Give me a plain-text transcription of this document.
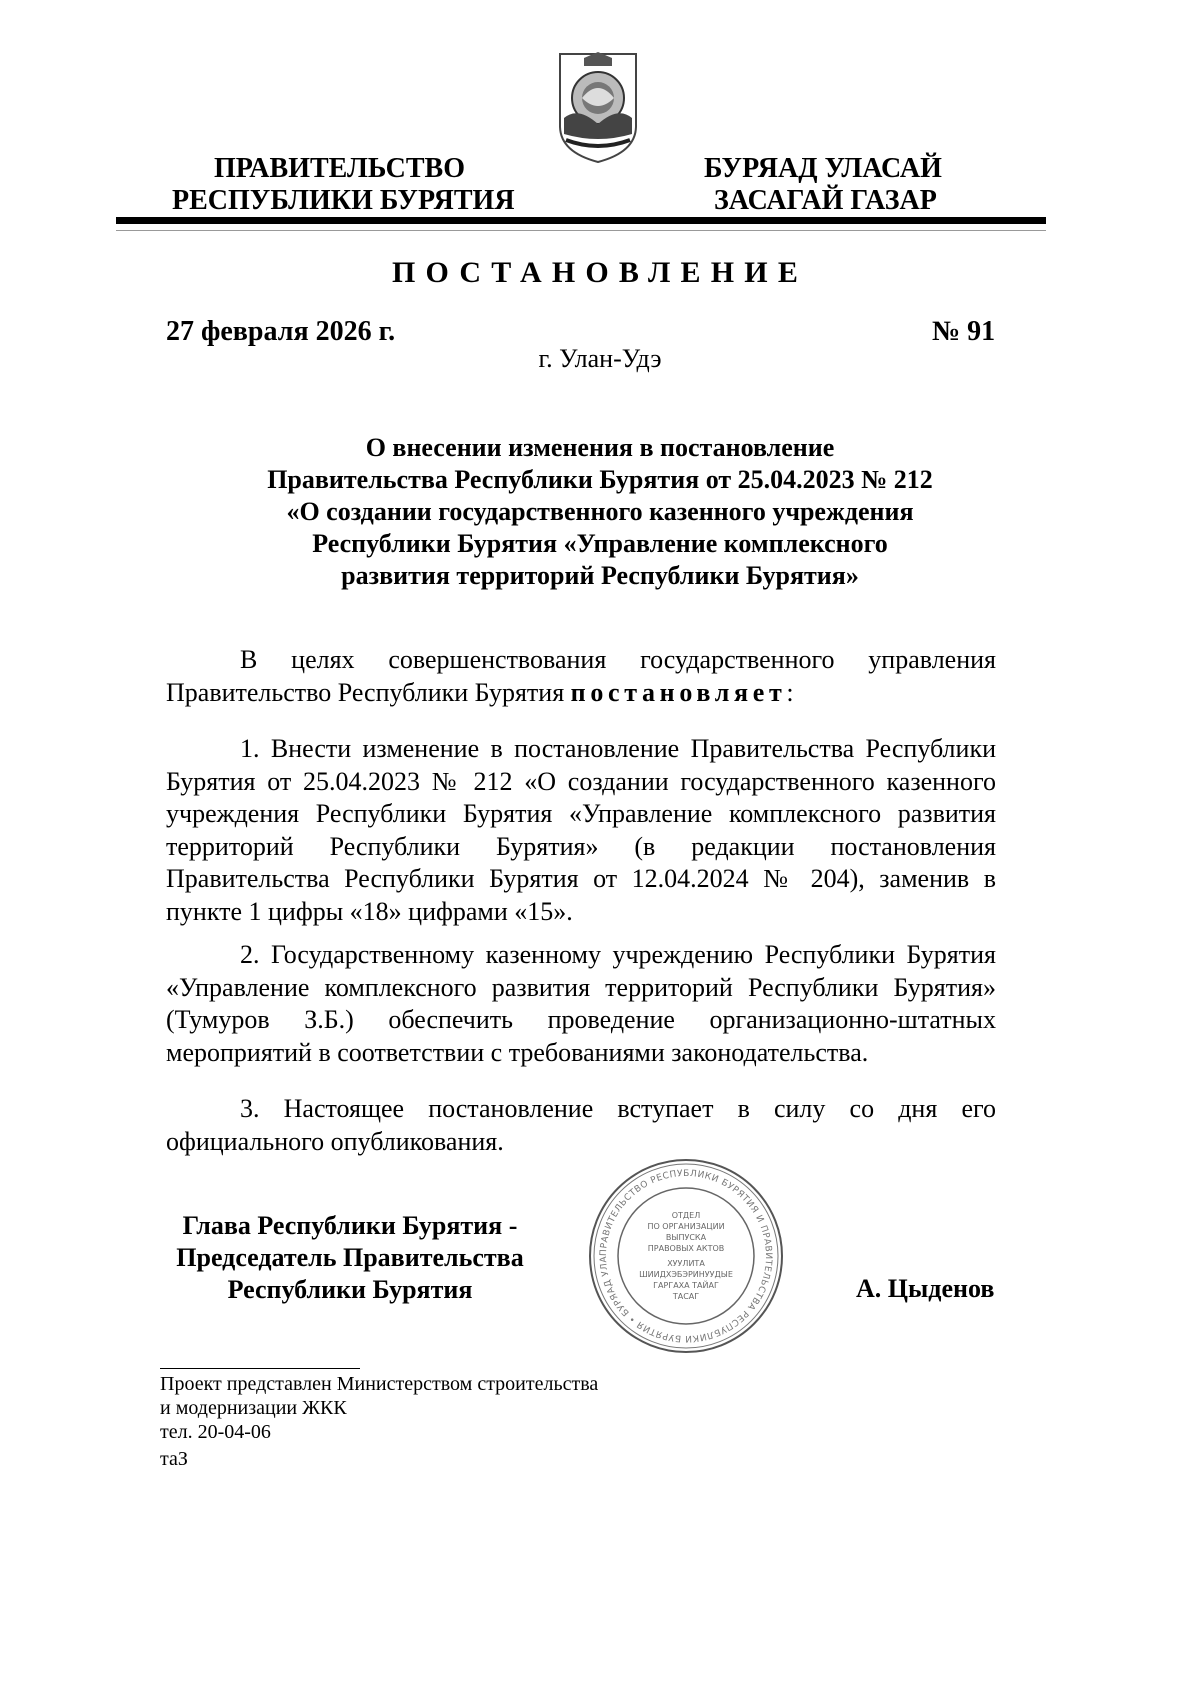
ПРАВИТЕЛЬСТВО
РЕСПУБЛИКИ БУРЯТИЯ
БУРЯАД УЛАСАЙ
ЗАСАГАЙ ГАЗАР
ПОСТАНОВЛЕНИЕ
27 февраля 2026 г.	№ 91
г. Улан-Удэ
О внесении изменения в постановление
Правительства Республики Бурятия от 25.04.2023 № 212
«О создании государственного казенного учреждения
Республики Бурятия «Управление комплексного
развития территорий Республики Бурятия»
В целях совершенствования государственного управления Правительство Республики Бурятия постановляет:
1. Внести изменение в постановление Правительства Республики Бурятия от 25.04.2023 № 212 «О создании государственного казенного учреждения Республики Бурятия «Управление комплексного развития территорий Республики Бурятия» (в редакции постановления Правительства Республики Бурятия от 12.04.2024 № 204), заменив в пункте 1 цифры «18» цифрами «15».
2. Государственному казенному учреждению Республики Бурятия «Управление комплексного развития территорий Республики Бурятия» (Тумуров З.Б.) обеспечить проведение организационно-штатных мероприятий в соответствии с требованиями законодательства.
3. Настоящее постановление вступает в силу со дня его официального опубликования.
Глава Республики Бурятия -
Председатель Правительства
Республики Бурятия	А. Цыденов
ПРАВИТЕЛЬСТВО РЕСПУБЛИКИ БУРЯТИЯ И ПРАВИТЕЛЬСТВА РЕСПУБЛИКИ БУРЯТИЯ • БУРЯАД УЛА
ОТДЕЛ
ПО ОРГАНИЗАЦИИ
ВЫПУСКА
ПРАВОВЫХ АКТОВ
ХУУЛИТА
ШИИДХЭБЭРИНУУДЫЕ
ГАРГАХА ТАЙАГ
ТАСАГ
Проект представлен Министерством строительства
и модернизации ЖКК
тел. 20-04-06
таЗ
